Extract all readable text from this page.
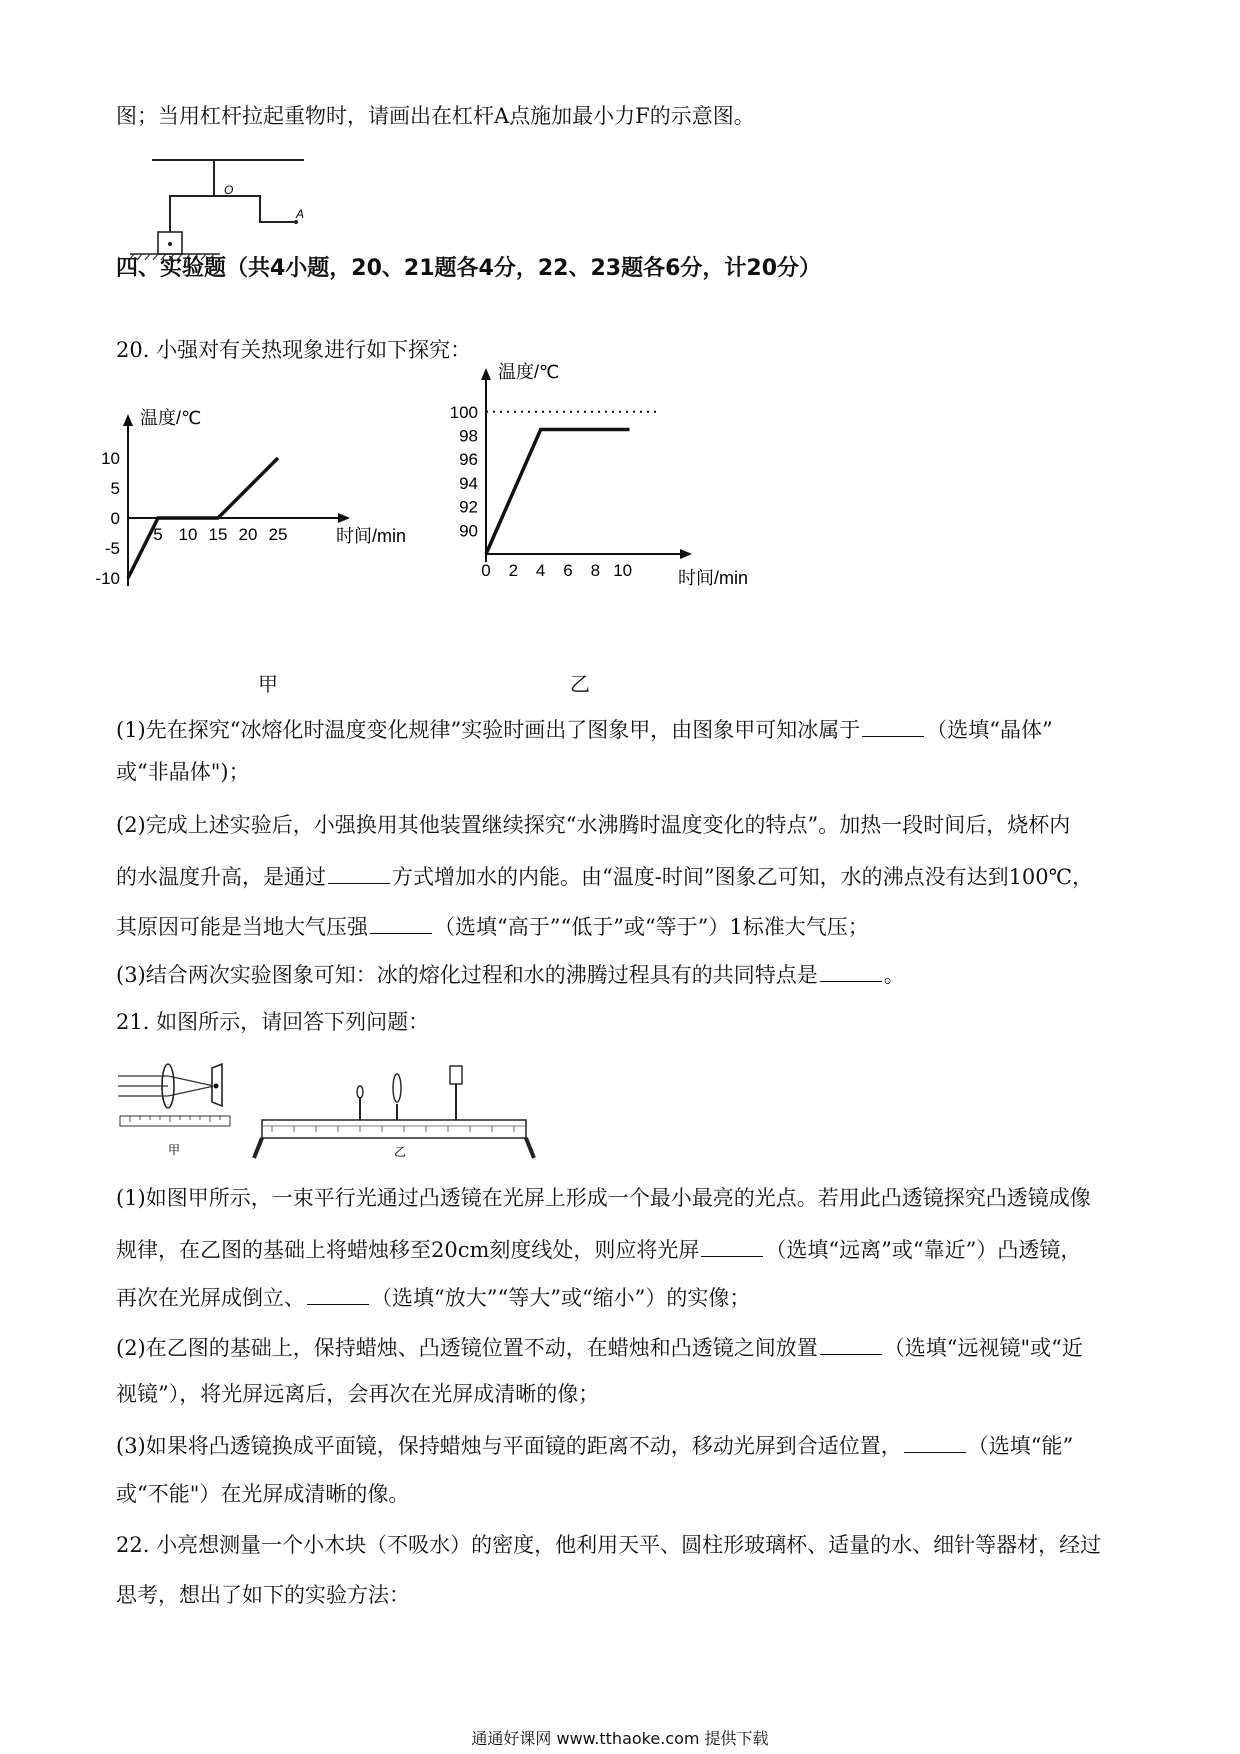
图；当用杠杆拉起重物时，请画出在杠杆A点施加最小力F的示意图。
O
A
四、实验题（共4小题，20、21题各4分，22、23题各6分，计20分）
20. 小强对有关热现象进行如下探究：
温度/℃
时间/min
10
5
0
-5
-10
5 10 15 20 25
甲
温度/℃
时间/min
100
98
96
94
92
90
0 2 4 6 8 10
乙
(1)先在探究“冰熔化时温度变化规律”实验时画出了图象甲，由图象甲可知冰属于	（选填“晶体”
或“非晶体")；
(2)完成上述实验后，小强换用其他装置继续探究“水沸腾时温度变化的特点”。加热一段时间后，烧杯内
的水温度升高，是通过	方式增加水的内能。由“温度-时间”图象乙可知，水的沸点没有达到100℃，
其原因可能是当地大气压强	（选填“高于”“低于”或“等于”）1标准大气压；
(3)结合两次实验图象可知：冰的熔化过程和水的沸腾过程具有的共同特点是	。
21. 如图所示，请回答下列问题：
甲	乙
(1)如图甲所示，一束平行光通过凸透镜在光屏上形成一个最小最亮的光点。若用此凸透镜探究凸透镜成像
规律，在乙图的基础上将蜡烛移至20cm刻度线处，则应将光屏	（选填“远离”或“靠近”）凸透镜，
再次在光屏成倒立、	（选填“放大”“等大”或“缩小”）的实像；
(2)在乙图的基础上，保持蜡烛、凸透镜位置不动，在蜡烛和凸透镜之间放置	（选填“远视镜"或“近
视镜”），将光屏远离后，会再次在光屏成清晰的像；
(3)如果将凸透镜换成平面镜，保持蜡烛与平面镜的距离不动，移动光屏到合适位置，	（选填“能”
或“不能"）在光屏成清晰的像。
22. 小亮想测量一个小木块（不吸水）的密度，他利用天平、圆柱形玻璃杯、适量的水、细针等器材，经过
思考，想出了如下的实验方法：
通通好课网 www.tthaoke.com 提供下载
